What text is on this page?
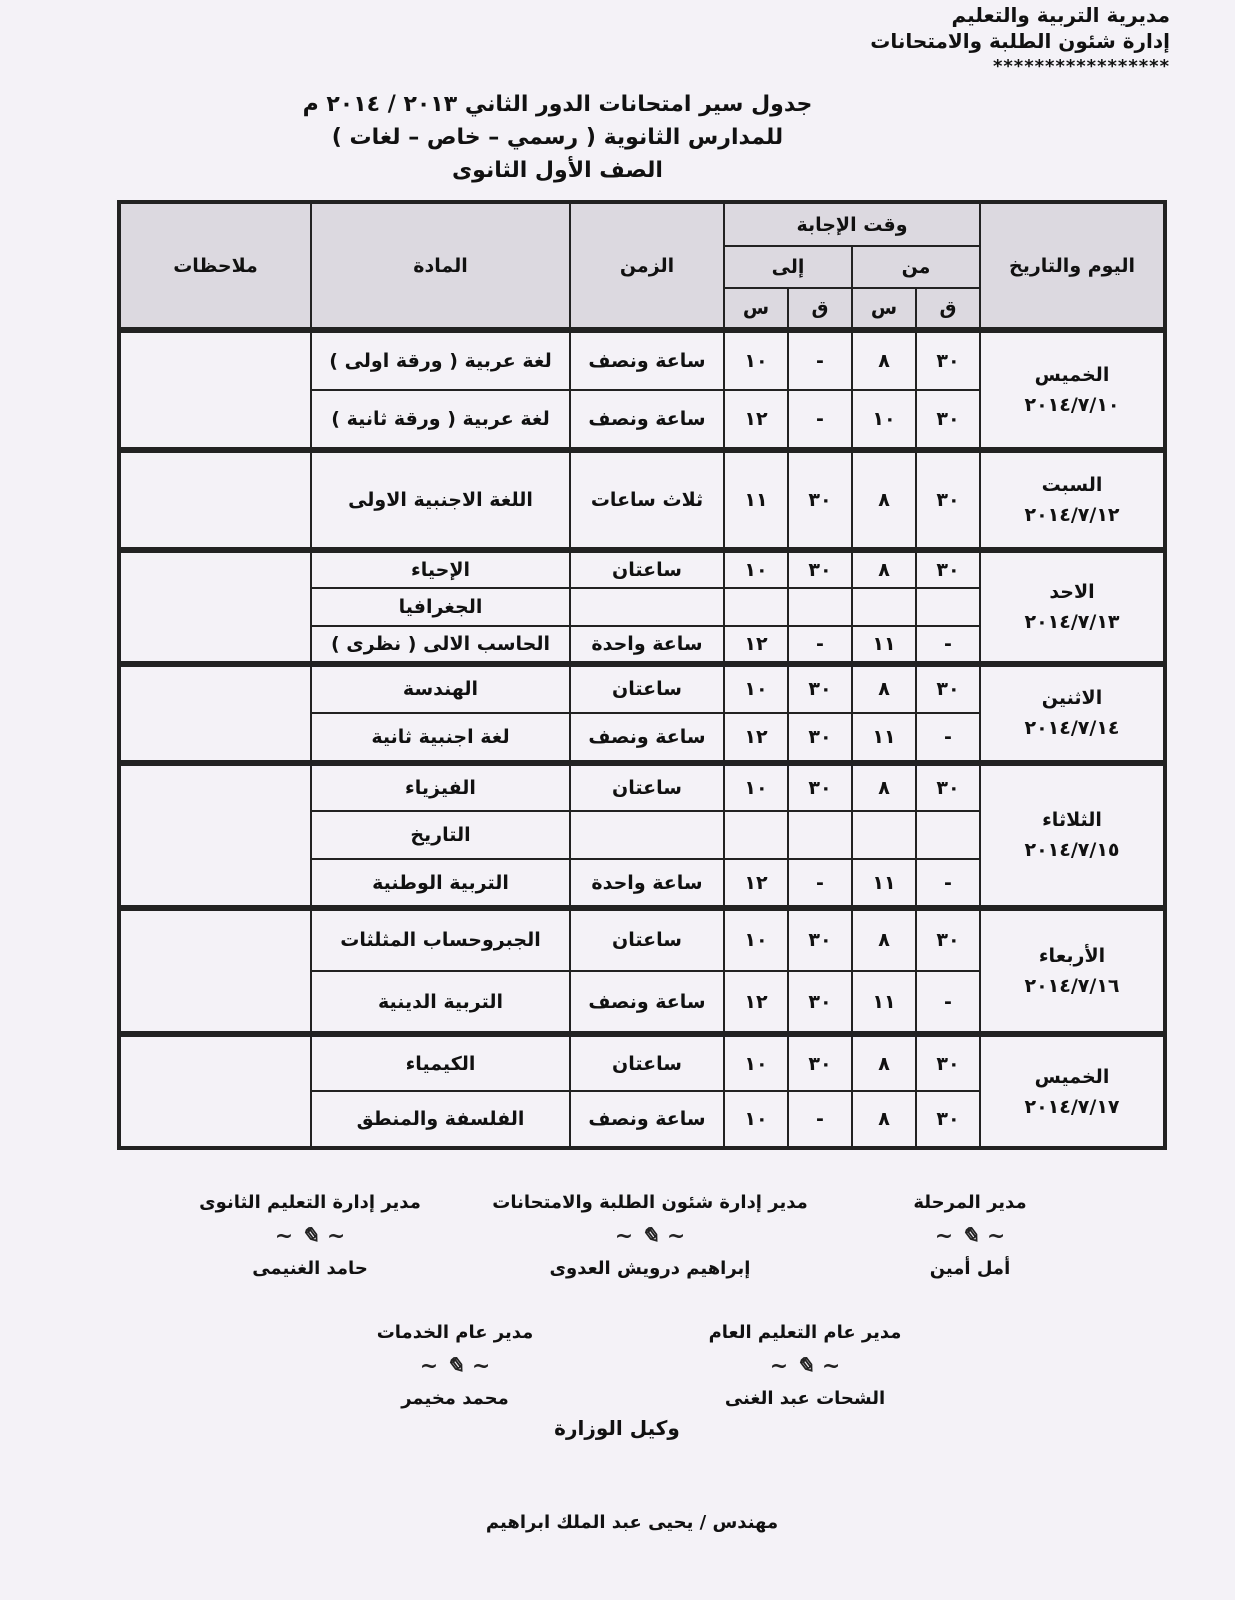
مديرية التربية والتعليم
إدارة شئون الطلبة والامتحانات
*****************
جدول سير امتحانات الدور الثاني ٢٠١٣ / ٢٠١٤ م
للمدارس الثانوية ( رسمي – خاص – لغات )
الصف الأول الثانوى
اليوم والتاريخ	وقت الإجابة				الزمن	المادة	ملاحظات
	من		إلى				
	ق	س	ق	س			

الخميس
٢٠١٤/٧/١٠	٣٠	٨	-	١٠	ساعة ونصف	لغة عربية ( ورقة اولى )	
	٣٠	١٠	-	١٢	ساعة ونصف	لغة عربية ( ورقة ثانية )	

السبت
٢٠١٤/٧/١٢	٣٠	٨	٣٠	١١	ثلاث ساعات	اللغة الاجنبية الاولى	

الاحد
٢٠١٤/٧/١٣	٣٠	٨	٣٠	١٠	ساعتان	الإحياء	
						الجغرافيا	
	-	١١	-	١٢	ساعة واحدة	الحاسب الالى ( نظرى )	

الاثنين
٢٠١٤/٧/١٤	٣٠	٨	٣٠	١٠	ساعتان	الهندسة	
	-	١١	٣٠	١٢	ساعة ونصف	لغة اجنبية ثانية	

الثلاثاء
٢٠١٤/٧/١٥	٣٠	٨	٣٠	١٠	ساعتان	الفيزياء	
						التاريخ	
	-	١١	-	١٢	ساعة واحدة	التربية الوطنية	

الأربعاء
٢٠١٤/٧/١٦	٣٠	٨	٣٠	١٠	ساعتان	الجبروحساب المثلثات	
	-	١١	٣٠	١٢	ساعة ونصف	التربية الدينية	

الخميس
٢٠١٤/٧/١٧	٣٠	٨	٣٠	١٠	ساعتان	الكيمياء	
	٣٠	٨	-	١٠	ساعة ونصف	الفلسفة والمنطق	
مدير المرحلة
~ ✎ ~
أمل أمين
مدير إدارة شئون الطلبة والامتحانات
~ ✎ ~
إبراهيم درويش العدوى
مدير إدارة التعليم الثانوى
~ ✎ ~
حامد الغنيمى
مدير عام التعليم العام
~ ✎ ~
الشحات عبد الغنى
مدير عام الخدمات
~ ✎ ~
محمد مخيمر
وكيل الوزارة
مهندس / يحيى عبد الملك ابراهيم
